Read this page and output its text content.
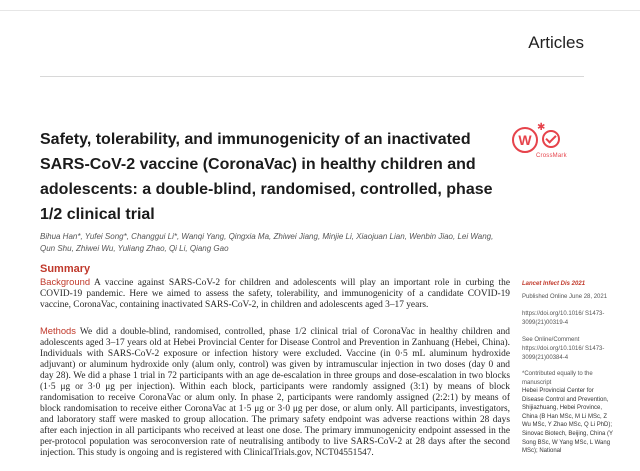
Articles
Safety, tolerability, and immunogenicity of an inactivated SARS-CoV-2 vaccine (CoronaVac) in healthy children and adolescents: a double-blind, randomised, controlled, phase 1/2 clinical trial
W
✱
CrossMark

Bihua Han*, Yufei Song*, Changgui Li*, Wanqi Yang, Qingxia Ma, Zhiwei Jiang, Minjie Li, Xiaojuan Lian, Wenbin Jiao, Lei Wang, Qun Shu, Zhiwei Wu, Yuliang Zhao, Qi Li, Qiang Gao

Summary

Background A vaccine against SARS-CoV-2 for children and adolescents will play an important role in curbing the COVID-19 pandemic. Here we aimed to assess the safety, tolerability, and immunogenicity of a candidate COVID-19 vaccine, CoronaVac, containing inactivated SARS-CoV-2, in children and adolescents aged 3–17 years.

Methods We did a double-blind, randomised, controlled, phase 1/2 clinical trial of CoronaVac in healthy children and adolescents aged 3–17 years old at Hebei Provincial Center for Disease Control and Prevention in Zanhuang (Hebei, China). Individuals with SARS-CoV-2 exposure or infection history were excluded. Vaccine (in 0·5 mL aluminum hydroxide adjuvant) or aluminum hydroxide only (alum only, control) was given by intramuscular injection in two doses (day 0 and day 28). We did a phase 1 trial in 72 participants with an age de-escalation in three groups and dose-escalation in two blocks (1·5 μg or 3·0 μg per injection). Within each block, participants were randomly assigned (3:1) by means of block randomisation to receive CoronaVac or alum only. In phase 2, participants were randomly assigned (2:2:1) by means of block randomisation to receive either CoronaVac at 1·5 μg or 3·0 μg per dose, or alum only. All participants, investigators, and laboratory staff were masked to group allocation. The primary safety endpoint was adverse reactions within 28 days after each injection in all participants who received at least one dose. The primary immunogenicity endpoint assessed in the per-protocol population was seroconversion rate of neutralising antibody to live SARS-CoV-2 at 28 days after the second injection. This study is ongoing and is registered with ClinicalTrials.gov, NCT04551547.

Lancet Infect Dis 2021
Published Online June 28, 2021
https://doi.org/10.1016/ S1473-3099(21)00319-4
See Online/Comment
https://doi.org/10.1016/ S1473-3099(21)00384-4
*Contributed equally to the manuscript
Hebei Provincial Center for Disease Control and Prevention, Shijiazhuang, Hebei Province, China (B Han MSc, M Li MSc, Z Wu MSc, Y Zhao MSc, Q Li PhD); Sinovac Biotech, Beijing, China (Y Song BSc, W Yang MSc, L Wang MSc); National
